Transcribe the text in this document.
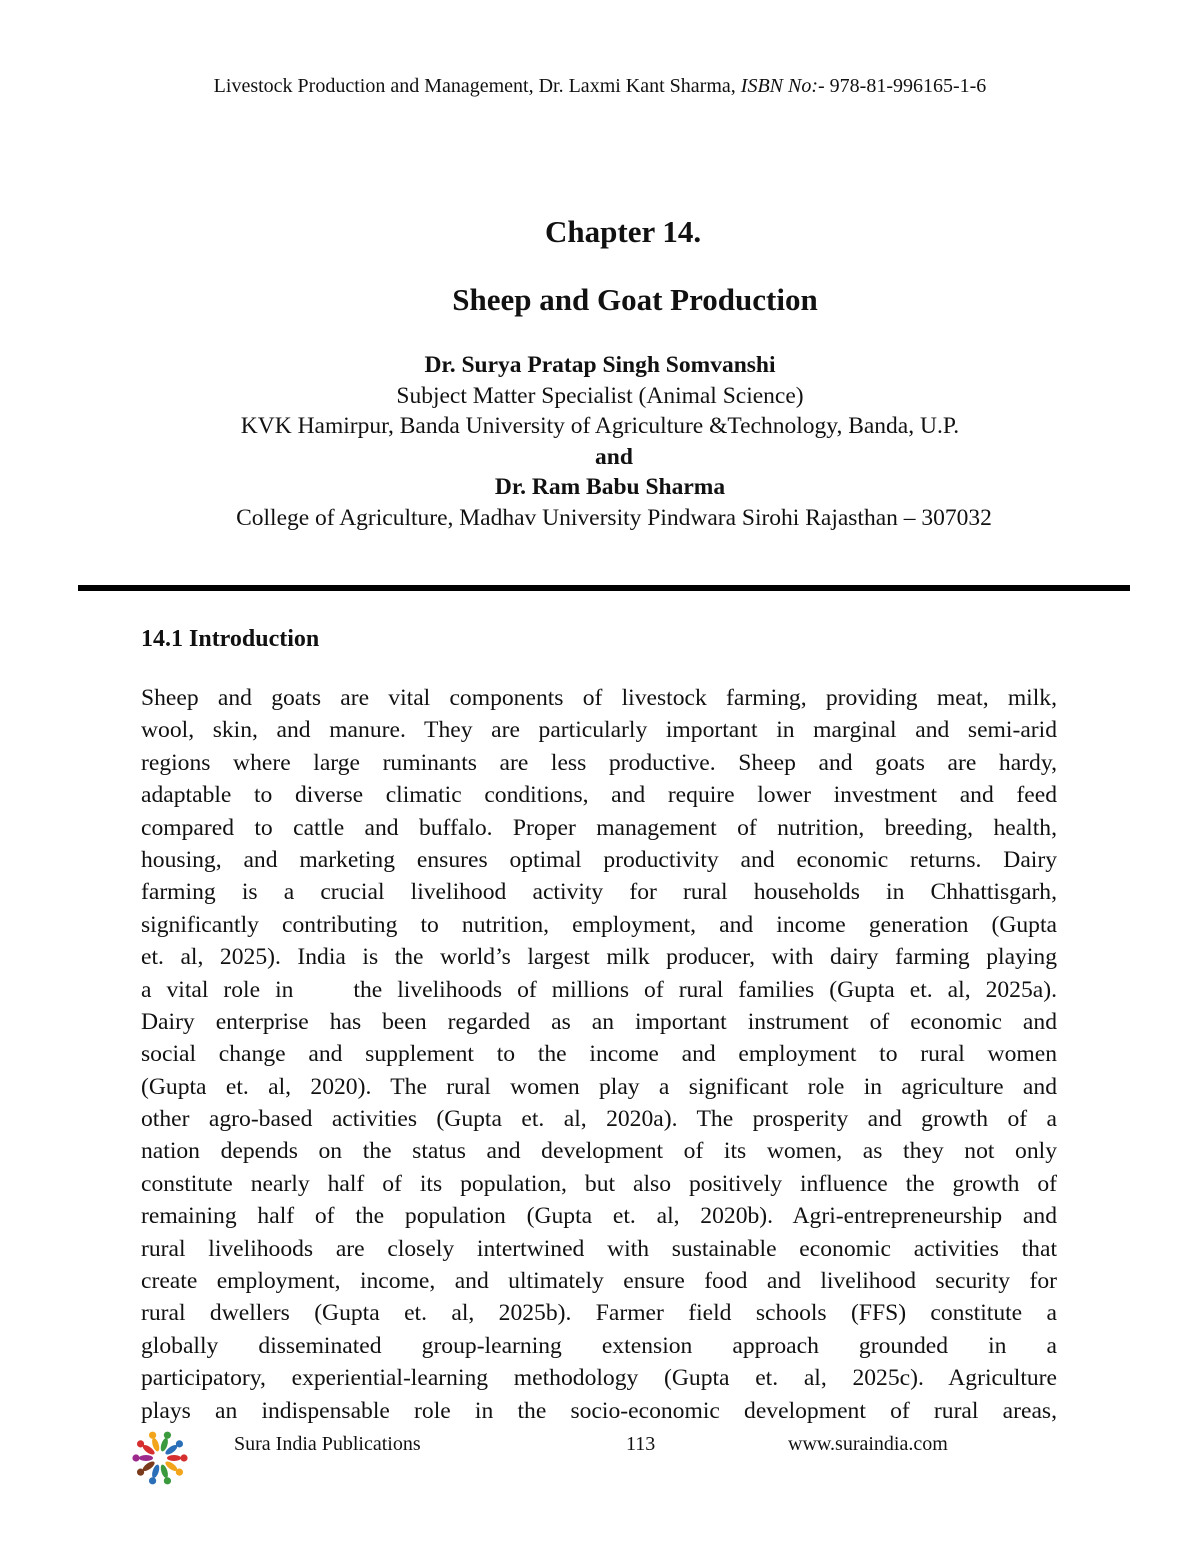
Livestock Production and Management, Dr. Laxmi Kant Sharma, ISBN No:- 978-81-996165-1-6
Chapter 14.
Sheep and Goat Production
Dr. Surya Pratap Singh Somvanshi
Subject Matter Specialist (Animal Science)
KVK Hamirpur, Banda University of Agriculture &Technology, Banda, U.P.
and
Dr. Ram Babu Sharma
College of Agriculture, Madhav University Pindwara Sirohi Rajasthan – 307032
14.1 Introduction
Sheep and goats are vital components of livestock farming, providing meat, milk,
wool, skin, and manure. They are particularly important in marginal and semi-arid
regions where large ruminants are less productive. Sheep and goats are hardy,
adaptable to diverse climatic conditions, and require lower investment and feed
compared to cattle and buffalo. Proper management of nutrition, breeding, health,
housing, and marketing ensures optimal productivity and economic returns. Dairy
farming is a crucial livelihood activity for rural households in Chhattisgarh,
significantly contributing to nutrition, employment, and income generation (Gupta
et. al, 2025). India is the world’s largest milk producer, with dairy farming playing
a vital role in    the livelihoods of millions of rural families (Gupta et. al, 2025a).
Dairy enterprise has been regarded as an important instrument of economic and
social change and supplement to the income and employment to rural women
(Gupta et. al, 2020). The rural women play a significant role in agriculture and
other agro-based activities (Gupta et. al, 2020a). The prosperity and growth of a
nation depends on the status and development of its women, as they not only
constitute nearly half of its population, but also positively influence the growth of
remaining half of the population (Gupta et. al, 2020b). Agri-entrepreneurship and
rural livelihoods are closely intertwined with sustainable economic activities that
create employment, income, and ultimately ensure food and livelihood security for
rural dwellers (Gupta et. al, 2025b). Farmer field schools (FFS) constitute a
globally disseminated group-learning extension approach grounded in a
participatory, experiential-learning methodology (Gupta et. al, 2025c). Agriculture
plays an indispensable role in the socio-economic development of rural areas,
Sura India Publications	113	www.suraindia.com
